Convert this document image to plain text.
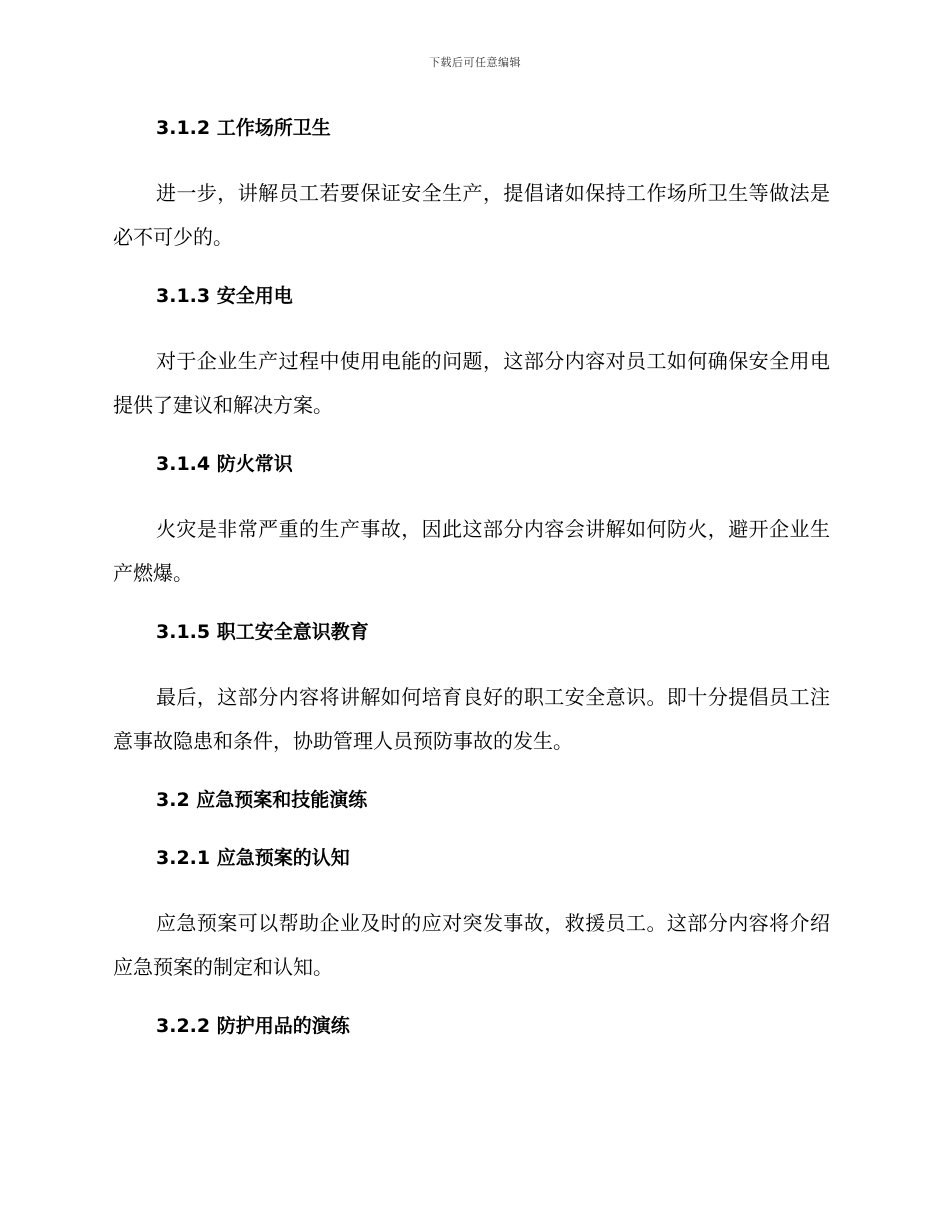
下载后可任意编辑
3.1.2 工作场所卫生

进一步，讲解员工若要保证安全生产，提倡诸如保持工作场所卫生等做法是必不可少的。

3.1.3 安全用电

对于企业生产过程中使用电能的问题，这部分内容对员工如何确保安全用电提供了建议和解决方案。

3.1.4 防火常识

火灾是非常严重的生产事故，因此这部分内容会讲解如何防火，避开企业生产燃爆。

3.1.5 职工安全意识教育

最后，这部分内容将讲解如何培育良好的职工安全意识。即十分提倡员工注意事故隐患和条件，协助管理人员预防事故的发生。

3.2 应急预案和技能演练
3.2.1 应急预案的认知

应急预案可以帮助企业及时的应对突发事故，救援员工。这部分内容将介绍应急预案的制定和认知。

3.2.2 防护用品的演练
